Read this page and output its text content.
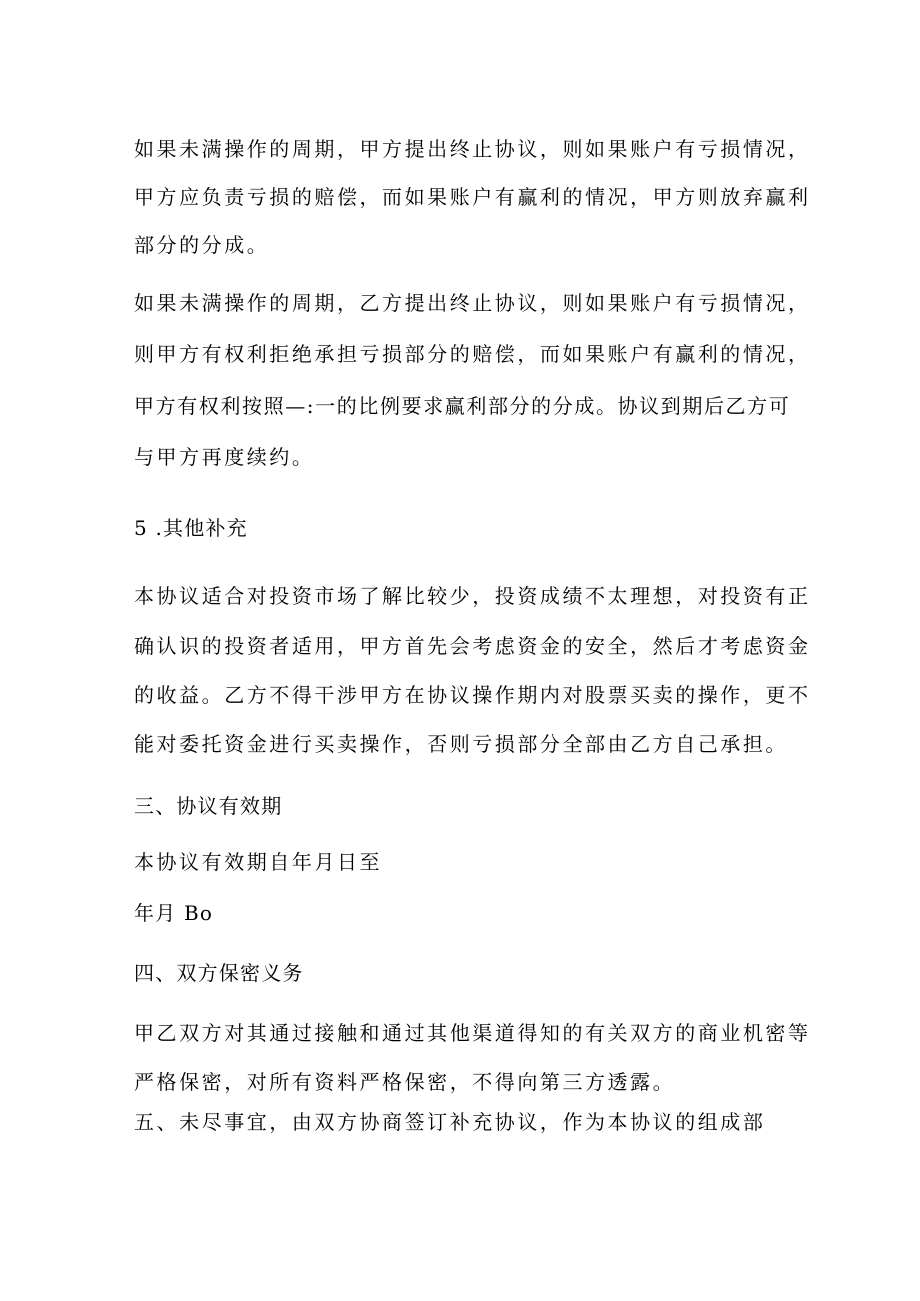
如果未满操作的周期，甲方提出终止协议，则如果账户有亏损情况，
甲方应负责亏损的赔偿，而如果账户有赢利的情况，甲方则放弃赢利
部分的分成。
如果未满操作的周期，乙方提出终止协议，则如果账户有亏损情况，
则甲方有权利拒绝承担亏损部分的赔偿，而如果账户有赢利的情况，
甲方有权利按照—:一的比例要求赢利部分的分成。协议到期后乙方可
与甲方再度续约。
5 .其他补充
本协议适合对投资市场了解比较少，投资成绩不太理想，对投资有正
确认识的投资者适用，甲方首先会考虑资金的安全，然后才考虑资金
的收益。乙方不得干涉甲方在协议操作期内对股票买卖的操作，更不
能对委托资金进行买卖操作，否则亏损部分全部由乙方自己承担。
三、协议有效期
本协议有效期自年月日至
年月 Bo
四、双方保密义务
甲乙双方对其通过接触和通过其他渠道得知的有关双方的商业机密等
严格保密，对所有资料严格保密，不得向第三方透露。
五、未尽事宜，由双方协商签订补充协议，作为本协议的组成部
